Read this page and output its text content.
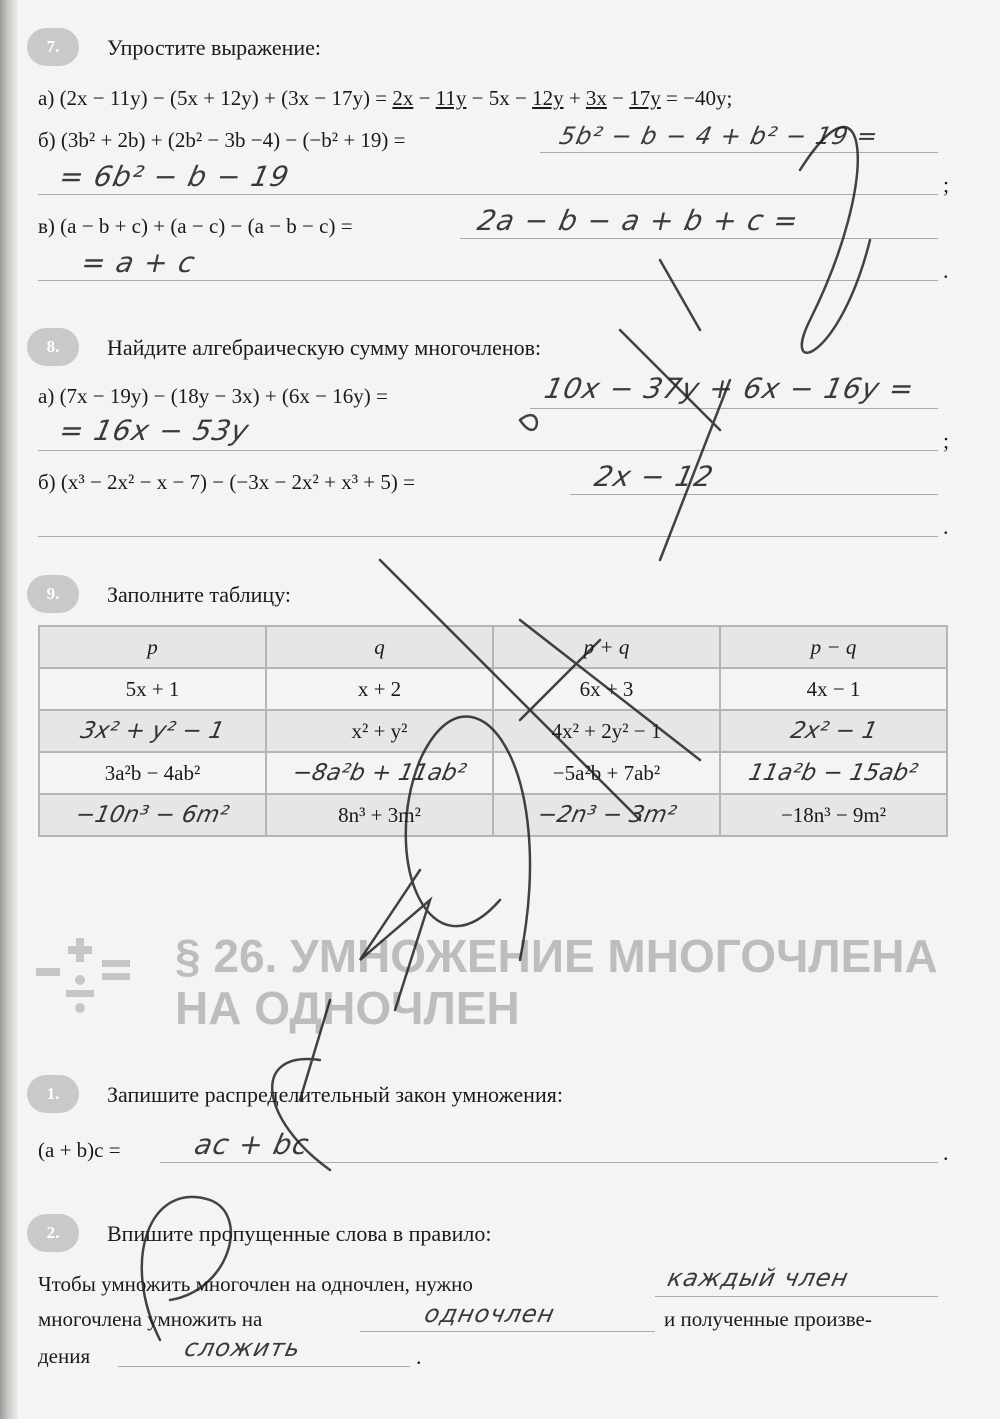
7.	Упростите выражение:
а) (2x − 11y) − (5x + 12y) + (3x − 17y) = 2x − 11y − 5x − 12y + 3x − 17y = −40y;
б) (3b² + 2b) + (2b² − 3b −4) − (−b² + 19) =	5b² − b − 4 + b² − 19 =
= 6b² − b − 19	;
в) (a − b + c) + (a − c) − (a − b − c) =	2a − b − a + b + c =
= a + c	.
8.	Найдите алгебраическую сумму многочленов:
а) (7x − 19y) − (18y − 3x) + (6x − 16y) =	10x − 37y + 6x − 16y =
= 16x − 53y	;
б) (x³ − 2x² − x − 7) − (−3x − 2x² + x³ + 5) =	2x − 12
.
9.	Заполните таблицу:
p	q	p + q	p − q
5x + 1	x + 2	6x + 3	4x − 1
3x² + y² − 1	x² + y²	4x² + 2y² − 1	2x² − 1
3a²b − 4ab²	−8a²b + 11ab²	−5a²b + 7ab²	11a²b − 15ab²
−10n³ − 6m²	8n³ + 3m²	−2n³ − 3m²	−18n³ − 9m²
§ 26. УМНОЖЕНИЕ МНОГОЧЛЕНА
НА ОДНОЧЛЕН
1.	Запишите распределительный закон умножения:
(a + b)c =	ac + bc	.
2.	Впишите пропущенные слова в правило:
Чтобы умножить многочлен на одночлен, нужно	каждый член
многочлена умножить на	одночлен	и полученные произве-
дения	сложить	.
